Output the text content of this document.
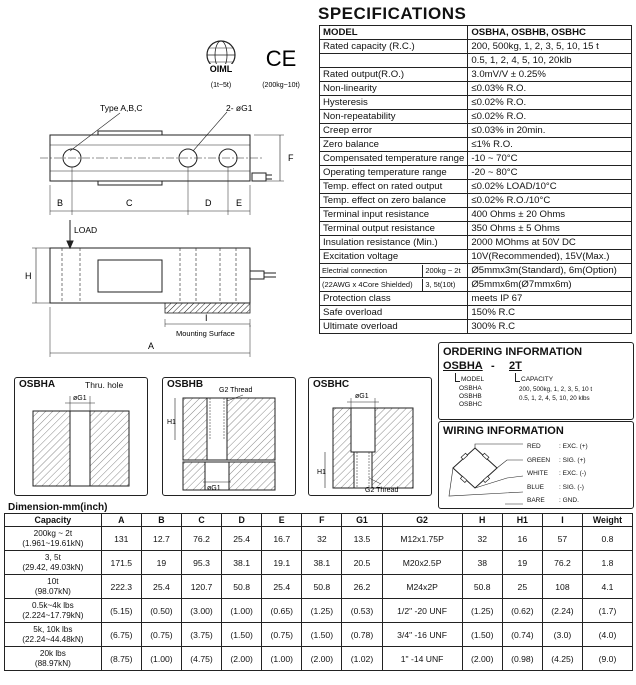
SPECIFICATIONS
MODEL	OSBHA, OSBHB, OSBHC
Rated capacity (R.C.)	200, 500kg, 1, 2, 3, 5, 10, 15 t
	0.5, 1, 2, 4, 5, 10, 20klb
Rated output(R.O.)	3.0mV/V ± 0.25%
Non-linearity	≤0.03% R.O.
Hysteresis	≤0.02% R.O.
Non-repeatability	≤0.02% R.O.
Creep error	≤0.03% in 20min.
Zero balance	≤1% R.O.
Compensated temperature range	-10 ~ 70°C
Operating temperature range	-20 ~ 80°C
Temp. effect on rated output	≤0.02% LOAD/10°C
Temp. effect on zero balance	≤0.02% R.O./10°C
Terminal input resistance	400 Ohms ± 20 Ohms
Terminal output resistance	350 Ohms ± 5 Ohms
Insulation resistance (Min.)	2000 MOhms at 50V DC
Excitation voltage	10V(Recommended), 15V(Max.)

Electrial connection 200kg ~ 2t	Ø5mmx3m(Standard), 6m(Option)

(22AWG x 4Core Shielded) 3, 5t(10t)	Ø5mmx6m(Ø7mmx6m)
Protection class	meets IP 67
Safe overload	150% R.C
Ultimate overload	300% R.C
OIML
(1t~5t)
CE
(200kg~10t)
Type A,B,C	2- øG1
F
B	C	D	E
LOAD
H
I
Mounting Surface
A
OSBHA	Thru. hole
øG1
OSBHB
G2 Thread
H1
øG1
OSBHC
øG1
H1
G2 Thread
ORDERING INFORMATION
OSBHA - 2T
MODEL
OSBHA
OSBHB
OSBHC
CAPACITY
200, 500kg, 1, 2, 3, 5, 10 t
0.5, 1, 2, 4, 5, 10, 20 klbs
WIRING INFORMATION
RED	: EXC. (+)
GREEN : SIG. (+)
WHITE : EXC. (-)
BLUE : SIG. (-)
BARE : GND.
Dimension-mm(inch)
Capacity	A	B	C	D	E	F	G1	G2	H	H1	I	Weight

200kg ~ 2t
(1.961~19.61kN)	131	12.7	76.2	25.4	16.7	32	13.5	M12x1.75P	32	16	57	0.8

3, 5t
(29.42, 49.03kN)	171.5	19	95.3	38.1	19.1	38.1	20.5	M20x2.5P	38	19	76.2	1.8

10t
(98.07kN)	222.3	25.4	120.7	50.8	25.4	50.8	26.2	M24x2P	50.8	25	108	4.1

0.5k~4k lbs
(2.224~17.79kN)	(5.15)	(0.50)	(3.00)	(1.00)	(0.65)	(1.25)	(0.53)	1/2" -20 UNF	(1.25)	(0.62)	(2.24)	(1.7)

5k, 10k lbs
(22.24~44.48kN)	(6.75)	(0.75)	(3.75)	(1.50)	(0.75)	(1.50)	(0.78)	3/4" -16 UNF	(1.50)	(0.74)	(3.0)	(4.0)

20k lbs
(88.97kN)	(8.75)	(1.00)	(4.75)	(2.00)	(1.00)	(2.00)	(1.02)	1" -14 UNF	(2.00)	(0.98)	(4.25)	(9.0)
